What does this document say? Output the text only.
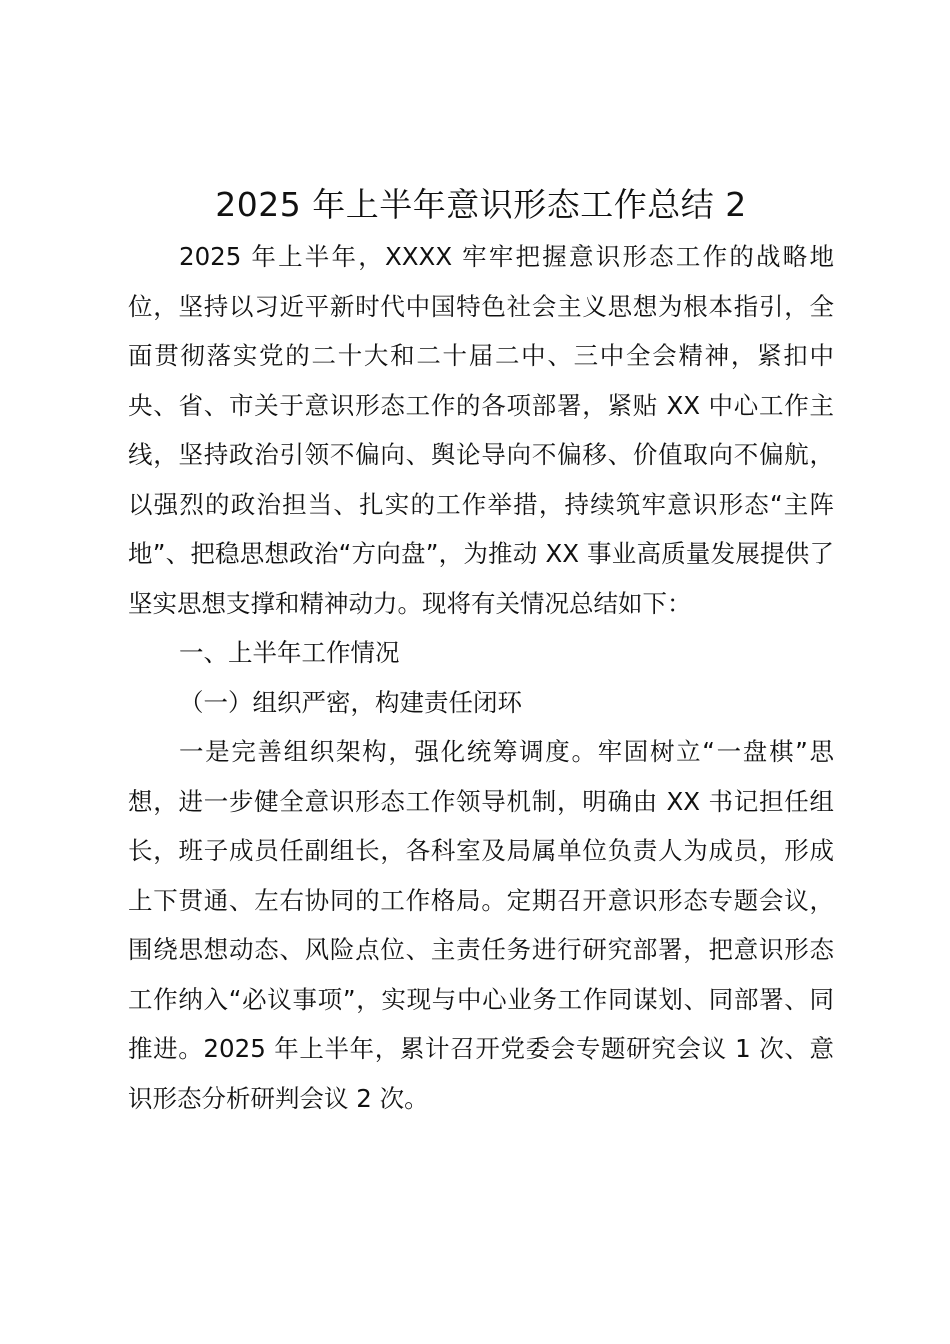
2025 年上半年意识形态工作总结 2

2025 年上半年，XXXX 牢牢把握意识形态工作的战略地位，坚持以习近平新时代中国特色社会主义思想为根本指引，全面贯彻落实党的二十大和二十届二中、三中全会精神，紧扣中央、省、市关于意识形态工作的各项部署，紧贴 XX 中心工作主线，坚持政治引领不偏向、舆论导向不偏移、价值取向不偏航，以强烈的政治担当、扎实的工作举措，持续筑牢意识形态“主阵地”、把稳思想政治“方向盘”，为推动 XX 事业高质量发展提供了坚实思想支撑和精神动力。现将有关情况总结如下：

一、上半年工作情况

（一）组织严密，构建责任闭环

一是完善组织架构，强化统筹调度。牢固树立“一盘棋”思想，进一步健全意识形态工作领导机制，明确由 XX 书记担任组长，班子成员任副组长，各科室及局属单位负责人为成员，形成上下贯通、左右协同的工作格局。定期召开意识形态专题会议，围绕思想动态、风险点位、主责任务进行研究部署，把意识形态工作纳入“必议事项”，实现与中心业务工作同谋划、同部署、同推进。2025 年上半年，累计召开党委会专题研究会议 1 次、意识形态分析研判会议 2 次。
